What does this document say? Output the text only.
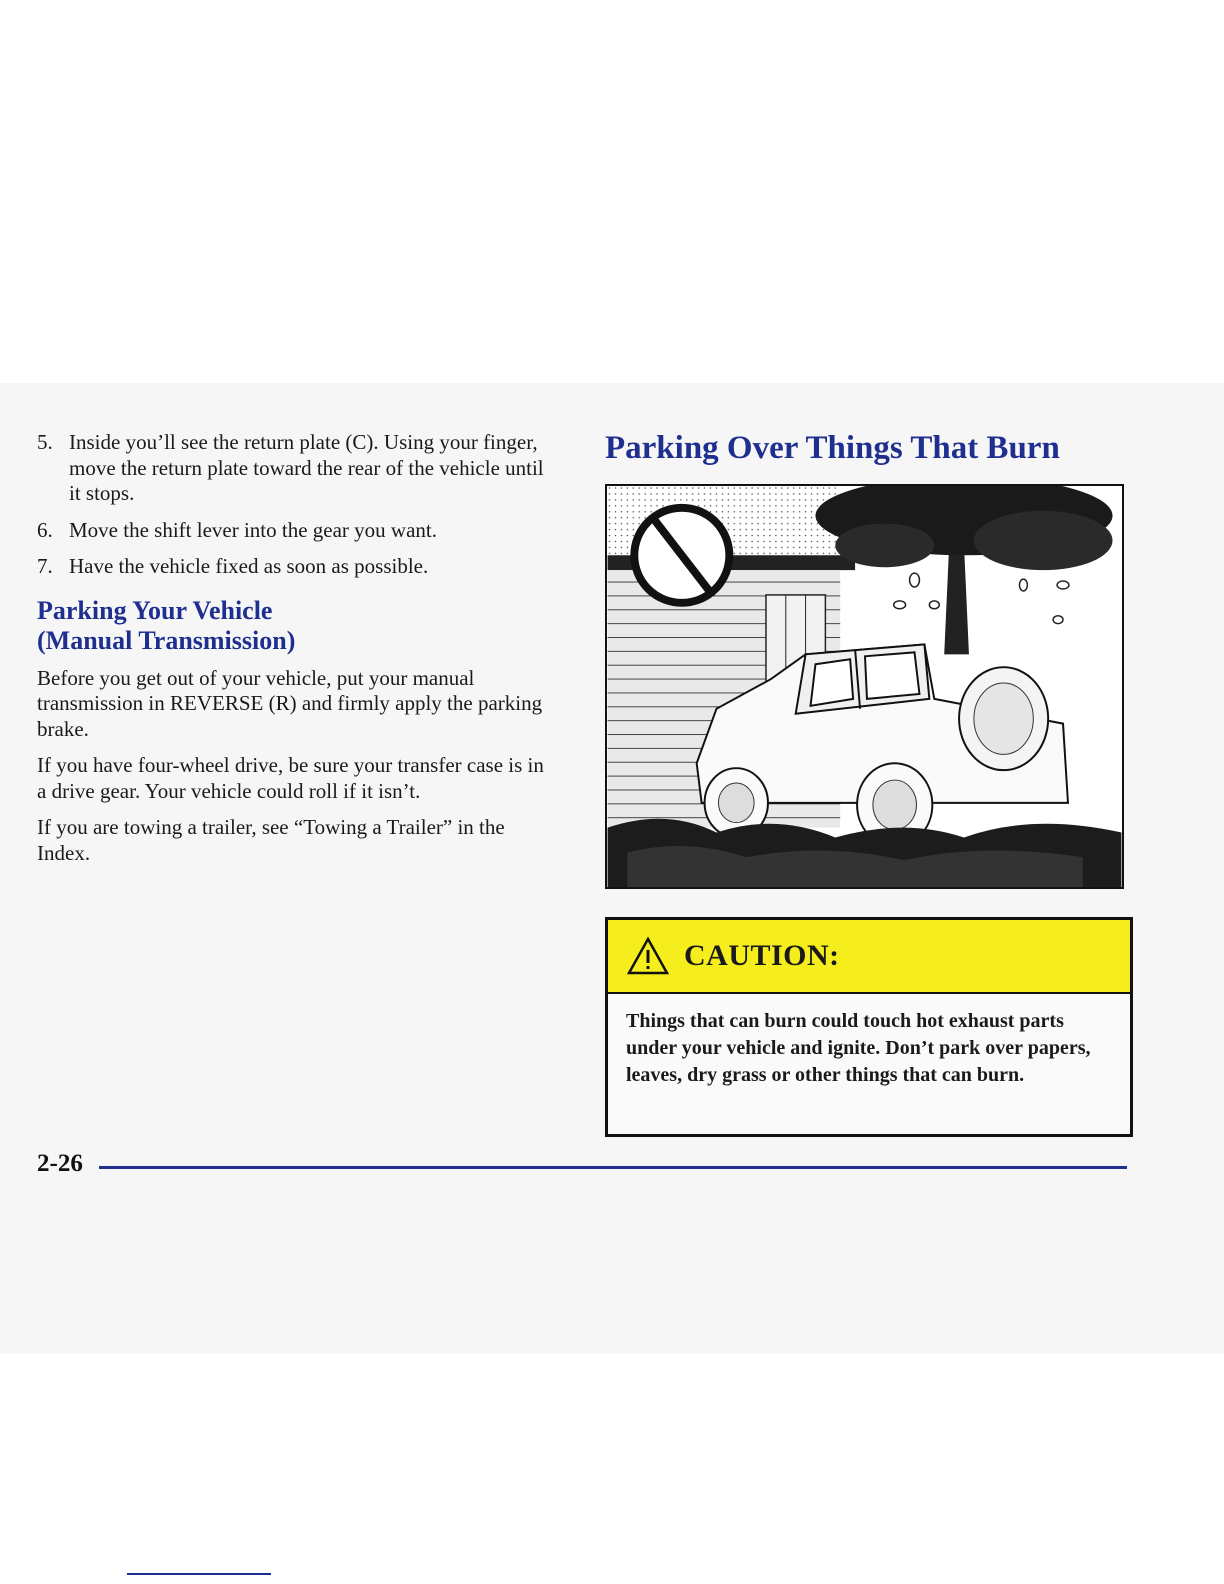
5. Inside you’ll see the return plate (C). Using your finger, move the return plate toward the rear of the vehicle until it stops.
6. Move the shift lever into the gear you want.
7. Have the vehicle fixed as soon as possible.
Parking Your Vehicle
(Manual Transmission)

Before you get out of your vehicle, put your manual transmission in REVERSE (R) and firmly apply the parking brake.

If you have four-wheel drive, be sure your transfer case is in a drive gear. Your vehicle could roll if it isn’t.

If you are towing a trailer, see “Towing a Trailer” in the Index.

Parking Over Things That Burn
CAUTION:
Things that can burn could touch hot exhaust parts under your vehicle and ignite. Don’t park over papers, leaves, dry grass or other things that can burn.
2-26
